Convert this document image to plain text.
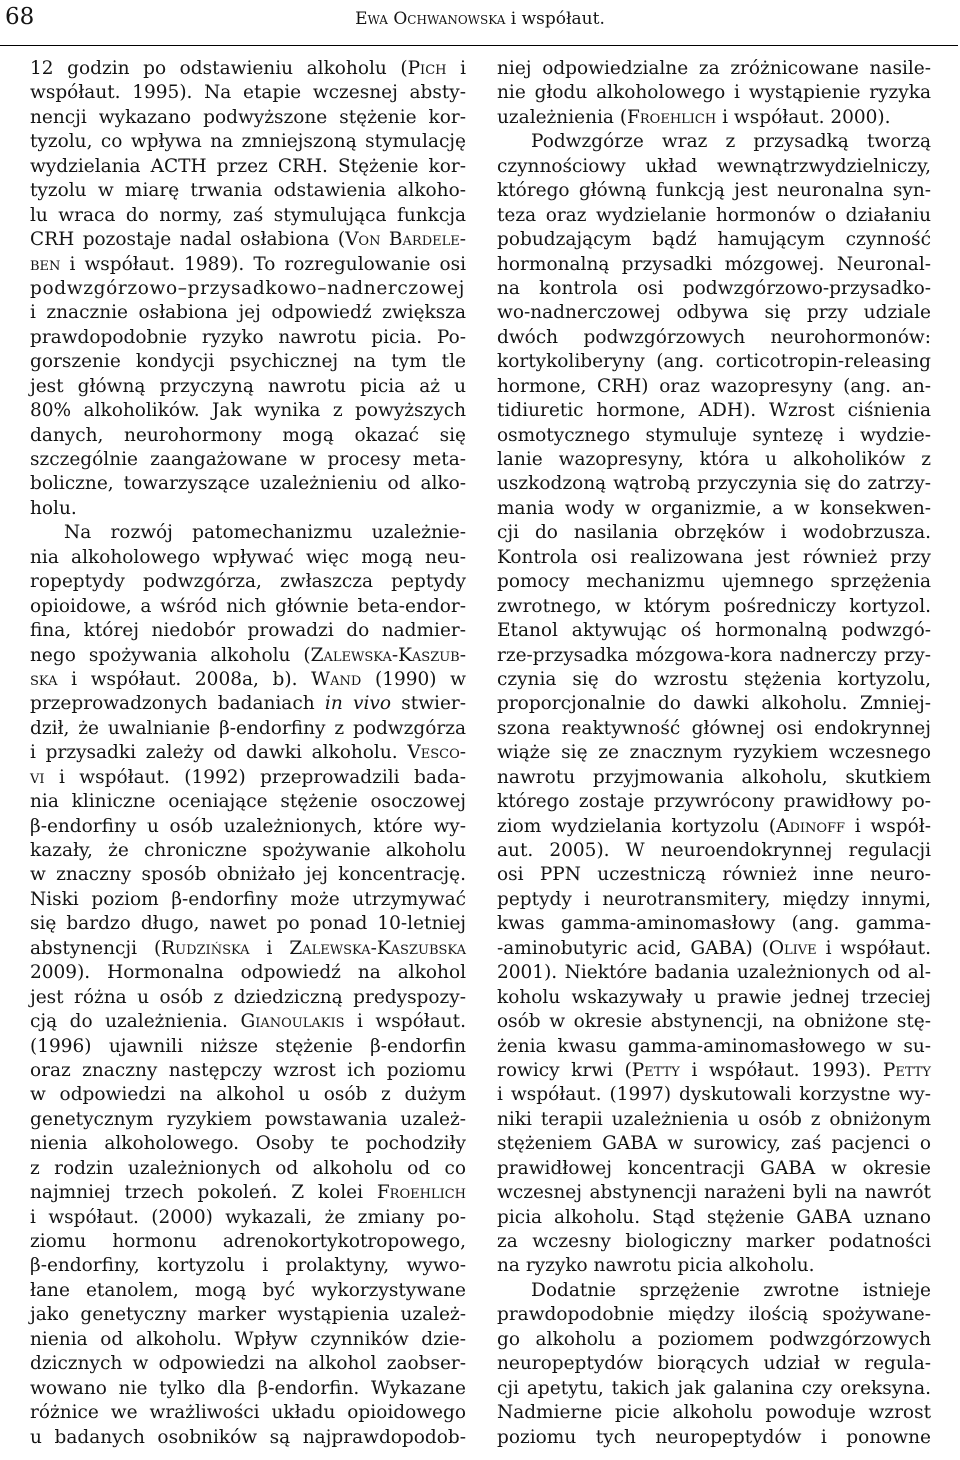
68	Ewa Ochwanowska i współaut.
12 godzin po odstawieniu alkoholu (Pich i
współaut. 1995). Na etapie wczesnej absty-
nencji wykazano podwyższone stężenie kor-
tyzolu, co wpływa na zmniejszoną stymulację
wydzielania ACTH przez CRH. Stężenie kor-
tyzolu w miarę trwania odstawienia alkoho-
lu wraca do normy, zaś stymulująca funkcja
CRH pozostaje nadal osłabiona (Von Bardele-
ben i współaut. 1989). To rozregulowanie osi
podwzgórzowo–przysadkowo–nadnerczowej
i znacznie osłabiona jej odpowiedź zwiększa
prawdopodobnie ryzyko nawrotu picia. Po-
gorszenie kondycji psychicznej na tym tle
jest główną przyczyną nawrotu picia aż u
80% alkoholików. Jak wynika z powyższych
danych, neurohormony mogą okazać się
szczególnie zaangażowane w procesy meta-
boliczne, towarzyszące uzależnieniu od alko-
holu.
Na rozwój patomechanizmu uzależnie-
nia alkoholowego wpływać więc mogą neu-
ropeptydy podwzgórza, zwłaszcza peptydy
opioidowe, a wśród nich głównie beta-endor-
fina, której niedobór prowadzi do nadmier-
nego spożywania alkoholu (Zalewska-Kaszub-
ska i współaut. 2008a, b). Wand (1990) w
przeprowadzonych badaniach in vivo stwier-
dził, że uwalnianie β-endorfiny z podwzgórza
i przysadki zależy od dawki alkoholu. Vesco-
vi i współaut. (1992) przeprowadzili bada-
nia kliniczne oceniające stężenie osoczowej
β-endorfiny u osób uzależnionych, które wy-
kazały, że chroniczne spożywanie alkoholu
w znaczny sposób obniżało jej koncentrację.
Niski poziom β-endorfiny może utrzymywać
się bardzo długo, nawet po ponad 10-letniej
abstynencji (Rudzińska i Zalewska-Kaszubska
2009). Hormonalna odpowiedź na alkohol
jest różna u osób z dziedziczną predyspozy-
cją do uzależnienia. Gianoulakis i współaut.
(1996) ujawnili niższe stężenie β-endorfin
oraz znaczny następczy wzrost ich poziomu
w odpowiedzi na alkohol u osób z dużym
genetycznym ryzykiem powstawania uzależ-
nienia alkoholowego. Osoby te pochodziły
z rodzin uzależnionych od alkoholu od co
najmniej trzech pokoleń. Z kolei Froehlich
i współaut. (2000) wykazali, że zmiany po-
ziomu hormonu adrenokortykotropowego,
β-endorfiny, kortyzolu i prolaktyny, wywo-
łane etanolem, mogą być wykorzystywane
jako genetyczny marker wystąpienia uzależ-
nienia od alkoholu. Wpływ czynników dzie-
dzicznych w odpowiedzi na alkohol zaobser-
wowano nie tylko dla β-endorfin. Wykazane
różnice we wrażliwości układu opioidowego
u badanych osobników są najprawdopodob-
niej odpowiedzialne za zróżnicowane nasile-
nie głodu alkoholowego i wystąpienie ryzyka
uzależnienia (Froehlich i współaut. 2000).
Podwzgórze wraz z przysadką tworzą
czynnościowy układ wewnątrzwydzielniczy,
którego główną funkcją jest neuronalna syn-
teza oraz wydzielanie hormonów o działaniu
pobudzającym bądź hamującym czynność
hormonalną przysadki mózgowej. Neuronal-
na kontrola osi podwzgórzowo-przysadko-
wo-nadnerczowej odbywa się przy udziale
dwóch podwzgórzowych neurohormonów:
kortykoliberyny (ang. corticotropin-releasing
hormone, CRH) oraz wazopresyny (ang. an-
tidiuretic hormone, ADH). Wzrost ciśnienia
osmotycznego stymuluje syntezę i wydzie-
lanie wazopresyny, która u alkoholików z
uszkodzoną wątrobą przyczynia się do zatrzy-
mania wody w organizmie, a w konsekwen-
cji do nasilania obrzęków i wodobrzusza.
Kontrola osi realizowana jest również przy
pomocy mechanizmu ujemnego sprzężenia
zwrotnego, w którym pośredniczy kortyzol.
Etanol aktywując oś hormonalną podwzgó-
rze-przysadka mózgowa-kora nadnerczy przy-
czynia się do wzrostu stężenia kortyzolu,
proporcjonalnie do dawki alkoholu. Zmniej-
szona reaktywność głównej osi endokrynnej
wiąże się ze znacznym ryzykiem wczesnego
nawrotu przyjmowania alkoholu, skutkiem
którego zostaje przywrócony prawidłowy po-
ziom wydzielania kortyzolu (Adinoff i współ-
aut. 2005). W neuroendokrynnej regulacji
osi PPN uczestniczą również inne neuro-
peptydy i neurotransmitery, między innymi,
kwas gamma-aminomasłowy (ang. gamma-
-aminobutyric acid, GABA) (Olive i współaut.
2001). Niektóre badania uzależnionych od al-
koholu wskazywały u prawie jednej trzeciej
osób w okresie abstynencji, na obniżone stę-
żenia kwasu gamma-aminomasłowego w su-
rowicy krwi (Petty i współaut. 1993). Petty
i współaut. (1997) dyskutowali korzystne wy-
niki terapii uzależnienia u osób z obniżonym
stężeniem GABA w surowicy, zaś pacjenci o
prawidłowej koncentracji GABA w okresie
wczesnej abstynencji narażeni byli na nawrót
picia alkoholu. Stąd stężenie GABA uznano
za wczesny biologiczny marker podatności
na ryzyko nawrotu picia alkoholu.
Dodatnie sprzężenie zwrotne istnieje
prawdopodobnie między ilością spożywane-
go alkoholu a poziomem podwzgórzowych
neuropeptydów biorących udział w regula-
cji apetytu, takich jak galanina czy oreksyna.
Nadmierne picie alkoholu powoduje wzrost
poziomu tych neuropeptydów i ponowne
